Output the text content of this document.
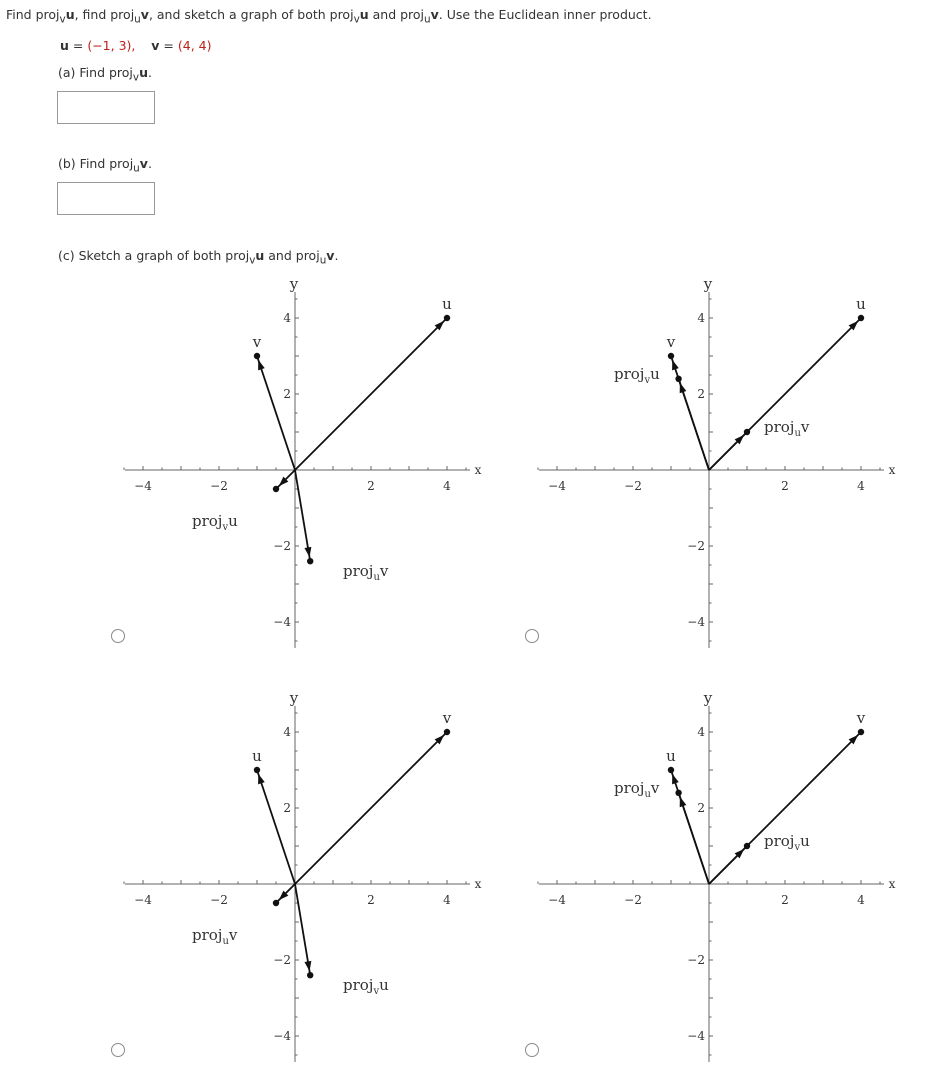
Find proj$_v$u, find proj$_u$v, and sketch a graph of both proj$_v$u and proj$_u$v. Use the Euclidean inner product.
u = (−1, 3), v = (4, 4)
(a) Find proj$_v$u.
(b) Find proj$_u$v.
(c) Sketch a graph of both proj$_v$u and proj$_u$v.
−4	−2	2	4
4
2
−2
−4
x
y
u
v
proj$_v$u
proj$_u$v
−4	−2	2	4
4
2
−2
−4
x
y
u
v
proj$_v$u
proj$_u$v
−4	−2	2	4
4
2
−2
−4
x
y
v
u
proj$_u$v
proj$_v$u
−4	−2	2	4
4
2
−2
−4
x
y
v
u
proj$_u$v
proj$_v$u
